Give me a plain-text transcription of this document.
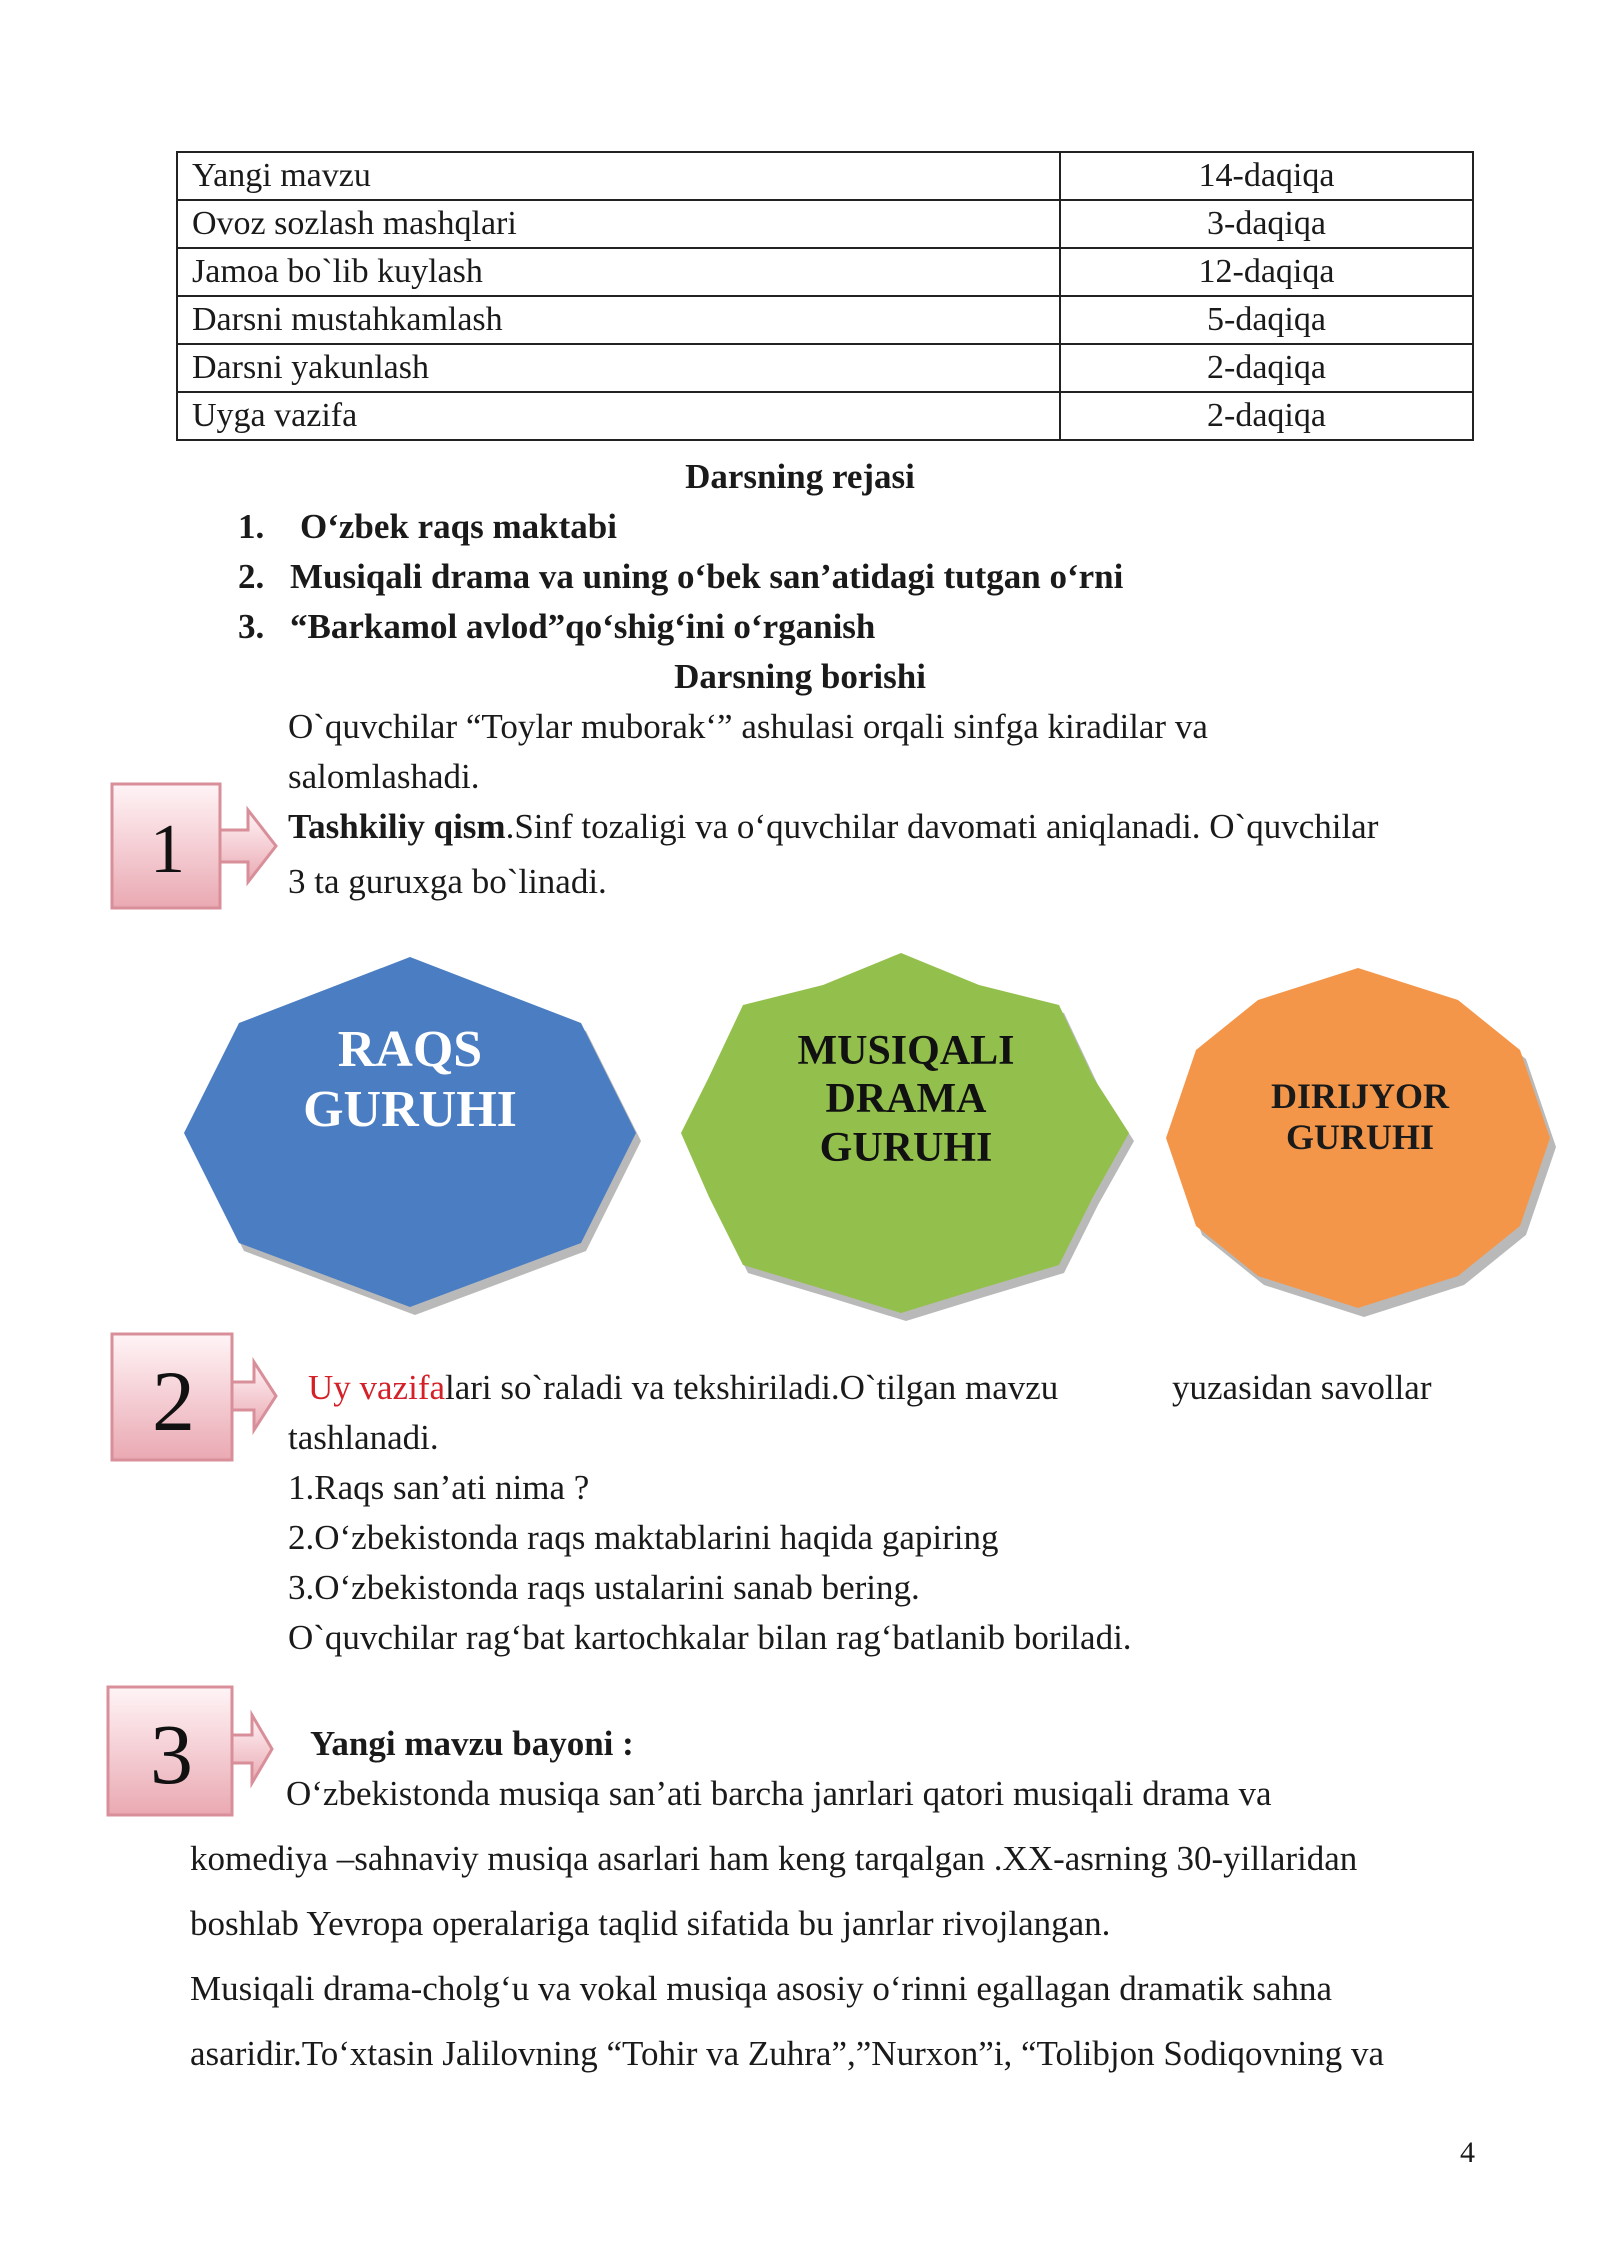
Yangi mavzu	14-daqiqa
Ovoz sozlash mashqlari	3-daqiqa
Jamoa bo`lib kuylash	12-daqiqa
Darsni mustahkamlash	5-daqiqa
Darsni yakunlash	2-daqiqa
Uyga vazifa	2-daqiqa
Darsning rejasi
1. O‘zbek raqs maktabi
2. Musiqali drama va uning o‘bek san’atidagi tutgan o‘rni
3. “Barkamol avlod”qo‘shig‘ini o‘rganish
Darsning borishi
O`quvchilar “Toylar muborak‘” ashulasi orqali sinfga kiradilar va
salomlashadi.
Tashkiliy qism.Sinf tozaligi va o‘quvchilar davomati aniqlanadi. O`quvchilar
3 ta guruxga bo`linadi.
1
2
3
RAQS
GURUHI
MUSIQALI
DRAMA
GURUHI
DIRIJYOR
GURUHI
Uy vazifalari so`raladi va tekshiriladi.O`tilgan mavzu	yuzasidan savollar
tashlanadi.
1.Raqs san’ati nima ?
2.O‘zbekistonda raqs maktablarini haqida gapiring
3.O‘zbekistonda raqs ustalarini sanab bering.
O`quvchilar rag‘bat kartochkalar bilan rag‘batlanib boriladi.
Yangi mavzu bayoni :
O‘zbekistonda musiqa san’ati barcha janrlari qatori musiqali drama va
komediya –sahnaviy musiqa asarlari ham keng tarqalgan .XX-asrning 30-yillaridan
boshlab Yevropa operalariga taqlid sifatida bu janrlar rivojlangan.
Musiqali drama-cholg‘u va vokal musiqa asosiy o‘rinni egallagan dramatik sahna
asaridir.To‘xtasin Jalilovning “Tohir va Zuhra”,”Nurxon”i, “Tolibjon Sodiqovning va
4
